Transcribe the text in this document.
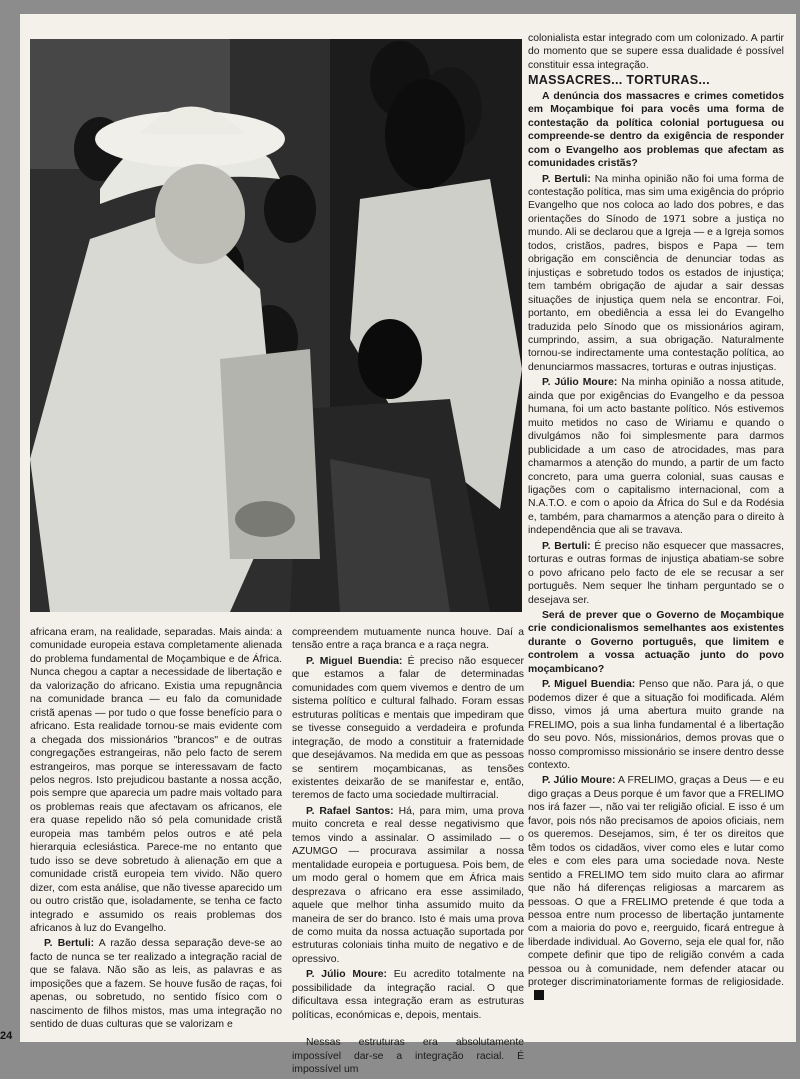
africana eram, na realidade, separadas. Mais ainda: a comunidade europeia estava completamente alienada do problema fundamental de Moçambique e de África. Nunca chegou a captar a necessidade de libertação e da valorização do africano. Existia uma repugnância na comunidade branca — eu falo da comunidade cristã apenas — por tudo o que fosse benefício para o africano. Esta realidade tornou-se mais evidente com a chegada dos missionários "brancos" e de outras congregações estrangeiras, não pelo facto de serem estrangeiros, mas porque se interessavam de facto pelos negros. Isto prejudicou bastante a nossa acção, pois sempre que aparecia um padre mais voltado para os problemas reais que afectavam os africanos, ele era quase repelido não só pela comunidade cristã europeia mas também pelos outros e até pela hierarquia eclesiástica. Parece-me no entanto que tudo isso se deve sobretudo à alienação em que a comunidade cristã europeia tem vivido. Não quero dizer, com esta análise, que não tivesse aparecido um ou outro cristão que, isoladamente, se tenha ce facto integrado e assumido os reais problemas dos africanos à luz do Evangelho.

P. Bertuli: A razão dessa separação deve-se ao facto de nunca se ter realizado a integração racial de que se falava. Não são as leis, as palavras e as imposições que a fazem. Se houve fusão de raças, foi apenas, ou sobretudo, no sentido físico com o nascimento de filhos mistos, mas uma integração no sentido de duas culturas que se valorizam e

compreendem mutuamente nunca houve. Daí a tensão entre a raça branca e a raça negra.

P. Miguel Buendia: É preciso não esquecer que estamos a falar de determinadas comunidades com quem vivemos e dentro de um sistema político e cultural falhado. Foram essas estruturas políticas e mentais que impediram que se tivesse conseguido a verdadeira e profunda integração, de modo a constituir a fraternidade que desejávamos. Na medida em que as pessoas se sentirem moçambicanas, as tensões existentes deixarão de se manifestar e, então, teremos de facto uma sociedade multirracial.

P. Rafael Santos: Há, para mim, uma prova muito concreta e real desse negativismo que temos vindo a assinalar. O assimilado — o AZUMGO — procurava assimilar a nossa mentalidade europeia e portuguesa. Pois bem, de um modo geral o homem que em África mais desprezava o africano era esse assimilado, aquele que melhor tinha assumido muito da maneira de ser do branco. Isto é mais uma prova de como muita da nossa actuação suportada por estruturas coloniais tinha muito de negativo e de opressivo.

P. Júlio Moure: Eu acredito totalmente na possibilidade da integração racial. O que dificultava essa integração eram as estruturas políticas, económicas e, depois, mentais.

Nessas estruturas era absolutamente impossível dar-se a integração racial. É impossível um

colonialista estar integrado com um colonizado. A partir do momento que se supere essa dualidade é possível constituir essa integração.

MASSACRES... TORTURAS...

A denúncia dos massacres e crimes cometidos em Moçambique foi para vocês uma forma de contestação da política colonial portuguesa ou compreende-se dentro da exigência de responder com o Evangelho aos problemas que afectam as comunidades cristãs?

P. Bertuli: Na minha opinião não foi uma forma de contestação política, mas sim uma exigência do próprio Evangelho que nos coloca ao lado dos pobres, e das orientações do Sínodo de 1971 sobre a justiça no mundo. Ali se declarou que a Igreja — e a Igreja somos todos, cristãos, padres, bispos e Papa — tem obrigação em consciência de denunciar todas as injustiças e sobretudo todos os estados de injustiça; tem também obrigação de ajudar a sair dessas situações de injustiça quem nela se encontrar. Foi, portanto, em obediência a essa lei do Evangelho traduzida pelo Sínodo que os missionários agiram, cumprindo, assim, a sua obrigação. Naturalmente tornou-se indirectamente uma contestação política, ao denunciarmos massacres, torturas e outras injustiças.

P. Júlio Moure: Na minha opinião a nossa atitude, ainda que por exigências do Evangelho e da pessoa humana, foi um acto bastante político. Nós estivemos muito metidos no caso de Wiriamu e quando o divulgámos não foi simplesmente para darmos publicidade a um caso de atrocidades, mas para chamarmos a atenção do mundo, a partir de um facto concreto, para uma guerra colonial, suas causas e ligações com o capitalismo internacional, com a N.A.T.O. e com o apoio da África do Sul e da Rodésia e, também, para chamarmos a atenção para o direito à independência que ali se travava.

P. Bertuli: É preciso não esquecer que massacres, torturas e outras formas de injustiça abatiam-se sobre o povo africano pelo facto de ele se recusar a ser português. Nem sequer lhe tinham perguntado se o desejava ser.

Será de prever que o Governo de Moçambique crie condicionalismos semelhantes aos existentes durante o Governo português, que limitem e controlem a vossa actuação junto do povo moçambicano?

P. Miguel Buendia: Penso que não. Para já, o que podemos dizer é que a situação foi modificada. Além disso, vimos já uma abertura muito grande na FRELIMO, pois a sua linha fundamental é a libertação do seu povo. Nós, missionários, demos provas que o nosso compromisso missionário se insere dentro desse contexto.

P. Júlio Moure: A FRELIMO, graças a Deus — e eu digo graças a Deus porque é um favor que a FRELIMO nos irá fazer —, não vai ter religião oficial. E isso é um favor, pois nós não precisamos de apoios oficiais, nem os queremos. Desejamos, sim, é ter os direitos que têm todos os cidadãos, viver como eles e lutar como eles e com eles para uma sociedade nova. Neste sentido a FRELIMO tem sido muito clara ao afirmar que não há diferenças religiosas a marcarem as pessoas. O que a FRELIMO pretende é que toda a pessoa entre num processo de libertação juntamente com a maioria do povo e, reerguido, ficará entregue à liberdade individual. Ao Governo, seja ele qual for, não compete definir que tipo de religião convém a cada pessoa ou à comunidade, nem defender atacar ou proteger discriminatoriamente formas de religiosidade.

24
